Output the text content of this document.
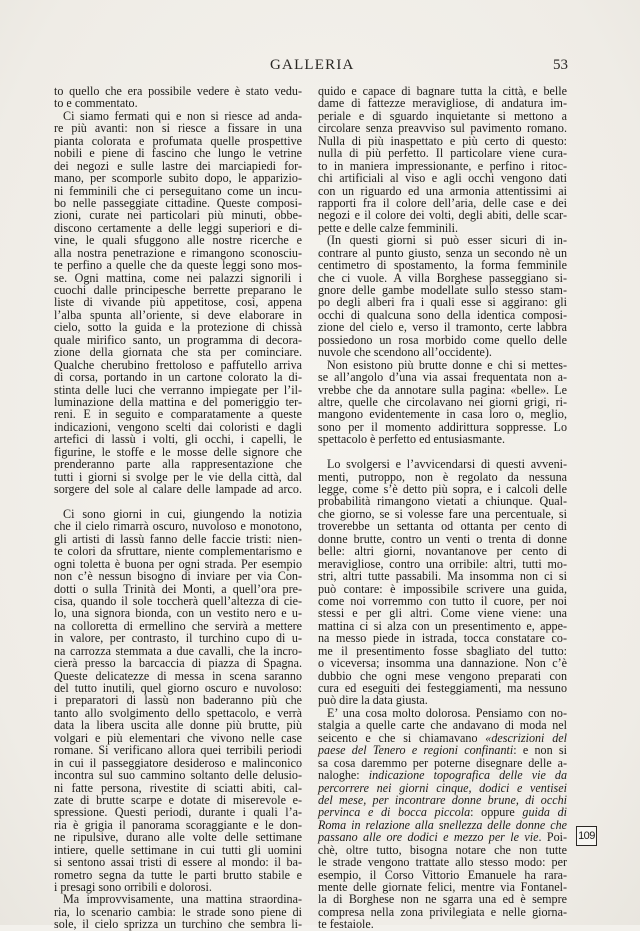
GALLERIA	53
to quello che era possibile vedere è stato vedu-
to e commentato.
Ci siamo fermati qui e non si riesce ad anda-
re più avanti: non si riesce a fissare in una
pianta colorata e profumata quelle prospettive
nobili e piene di fascino che lungo le vetrine
dei negozi e sulle lastre dei marciapiedi for-
mano, per scomporle subito dopo, le apparizio-
ni femminili che ci perseguitano come un incu-
bo nelle passeggiate cittadine. Queste composi-
zioni, curate nei particolari più minuti, obbe-
discono certamente a delle leggi superiori e di-
vine, le quali sfuggono alle nostre ricerche e
alla nostra penetrazione e rimangono sconosciu-
te perfino a quelle che da queste leggi sono mos-
se. Ogni mattina, come nei palazzi signorili i
cuochi dalle principesche berrette preparano le
liste di vivande più appetitose, così, appena
l’alba spunta all’oriente, si deve elaborare in
cielo, sotto la guida e la protezione di chissà
quale mirifico santo, un programma di decora-
zione della giornata che sta per cominciare.
Qualche cherubino frettoloso e paffutello arriva
di corsa, portando in un cartone colorato la di-
stinta delle luci che verranno impiegate per l’il-
luminazione della mattina e del pomeriggio ter-
reni. E in seguito e comparatamente a queste
indicazioni, vengono scelti dai coloristi e dagli
artefici di lassù i volti, gli occhi, i capelli, le
figurine, le stoffe e le mosse delle signore che
prenderanno parte alla rappresentazione che
tutti i giorni si svolge per le vie della città, dal
sorgere del sole al calare delle lampade ad arco.
Ci sono giorni in cui, giungendo la notizia
che il cielo rimarrà oscuro, nuvoloso e monotono,
gli artisti di lassù fanno delle faccie tristi: nien-
te colori da sfruttare, niente complementarismo e
ogni toletta è buona per ogni strada. Per esempio
non c’è nessun bisogno di inviare per via Con-
dotti o sulla Trinità dei Monti, a quell’ora pre-
cisa, quando il sole toccherà quell’altezza di cie-
lo, una signora bionda, con un vestito nero e u-
na colloretta di ermellino che servirà a mettere
in valore, per contrasto, il turchino cupo di u-
na carrozza stemmata a due cavalli, che la incro-
cierà presso la barcaccia di piazza di Spagna.
Queste delicatezze di messa in scena saranno
del tutto inutili, quel giorno oscuro e nuvoloso:
i preparatori di lassù non baderanno più che
tanto allo svolgimento dello spettacolo, e verrà
data la libera uscita alle donne più brutte, più
volgari e più elementari che vivono nelle case
romane. Si verificano allora quei terribili periodi
in cui il passeggiatore desideroso e malinconico
incontra sul suo cammino soltanto delle delusio-
ni fatte persona, rivestite di sciatti abiti, cal-
zate di brutte scarpe e dotate di miserevole e-
spressione. Questi periodi, durante i quali l’a-
ria è grigia il panorama scoraggiante e le don-
ne ripulsive, durano alle volte delle settimane
intiere, quelle settimane in cui tutti gli uomini
si sentono assai tristi di essere al mondo: il ba-
rometro segna da tutte le parti brutto stabile e
i presagi sono orribili e dolorosi.
Ma improvvisamente, una mattina straordina-
ria, lo scenario cambia: le strade sono piene di
sole, il cielo sprizza un turchino che sembra li-
quido e capace di bagnare tutta la città, e belle
dame di fattezze meravigliose, di andatura im-
periale e di sguardo inquietante si mettono a
circolare senza preavviso sul pavimento romano.
Nulla di più inaspettato e più certo di questo:
nulla di più perfetto. Il particolare viene cura-
to in maniera impressionante, e perfino i ritoc-
chi artificiali al viso e agli occhi vengono dati
con un riguardo ed una armonia attentissimi ai
rapporti fra il colore dell’aria, delle case e dei
negozi e il colore dei volti, degli abiti, delle scar-
pette e delle calze femminili.
(In questi giorni si può esser sicuri di in-
contrare al punto giusto, senza un secondo nè un
centimetro di spostamento, la forma femminile
che ci vuole. A villa Borghese passeggiano si-
gnore delle gambe modellate sullo stesso stam-
po degli alberi fra i quali esse si aggirano: gli
occhi di qualcuna sono della identica composi-
zione del cielo e, verso il tramonto, certe labbra
possiedono un rosa morbido come quello delle
nuvole che scendono all’occidente).
Non esistono più brutte donne e chi si mettes-
se all’angolo d’una via assai frequentata non a-
vrebbe che da annotare sulla pagina: «belle». Le
altre, quelle che circolavano nei giorni grigi, ri-
mangono evidentemente in casa loro o, meglio,
sono per il momento addirittura soppresse. Lo
spettacolo è perfetto ed entusiasmante.
Lo svolgersi e l’avvicendarsi di questi avveni-
menti, putroppo, non è regolato da nessuna
legge, come s’è detto più sopra, e i calcoli delle
probabilità rimangono vietati a chiunque. Qual-
che giorno, se si volesse fare una percentuale, si
troverebbe un settanta od ottanta per cento di
donne brutte, contro un venti o trenta di donne
belle: altri giorni, novantanove per cento di
meravigliose, contro una orribile: altri, tutti mo-
stri, altri tutte passabili. Ma insomma non ci si
può contare: è impossibile scrivere una guida,
come noi vorremmo con tutto il cuore, per noi
stessi e per gli altri. Come viene viene: una
mattina ci si alza con un presentimento e, appe-
na messo piede in istrada, tocca constatare co-
me il presentimento fosse sbagliato del tutto:
o viceversa; insomma una dannazione. Non c’è
dubbio che ogni mese vengono preparati con
cura ed eseguiti dei festeggiamenti, ma nessuno
può dire la data giusta.
E’ una cosa molto dolorosa. Pensiamo con no-
stalgia a quelle carte che andavano di moda nel
seicento e che si chiamavano «descrizioni del
paese del Tenero e regioni confinanti: e non si
sa cosa daremmo per poterne disegnare delle a-
naloghe: indicazione topografica delle vie da
percorrere nei giorni cinque, dodici e ventisei
del mese, per incontrare donne brune, di occhi
pervinca e di bocca piccola: oppure guida di
Roma in relazione alla snellezza delle donne che
passano alle ore dodici e mezzo per le vie. Poi-
chè, oltre tutto, bisogna notare che non tutte
le strade vengono trattate allo stesso modo: per
esempio, il Corso Vittorio Emanuele ha rara-
mente delle giornate felici, mentre via Fontanel-
la di Borghese non ne sgarra una ed è sempre
compresa nella zona privilegiata e nelle giorna-
te festaiole.
109
